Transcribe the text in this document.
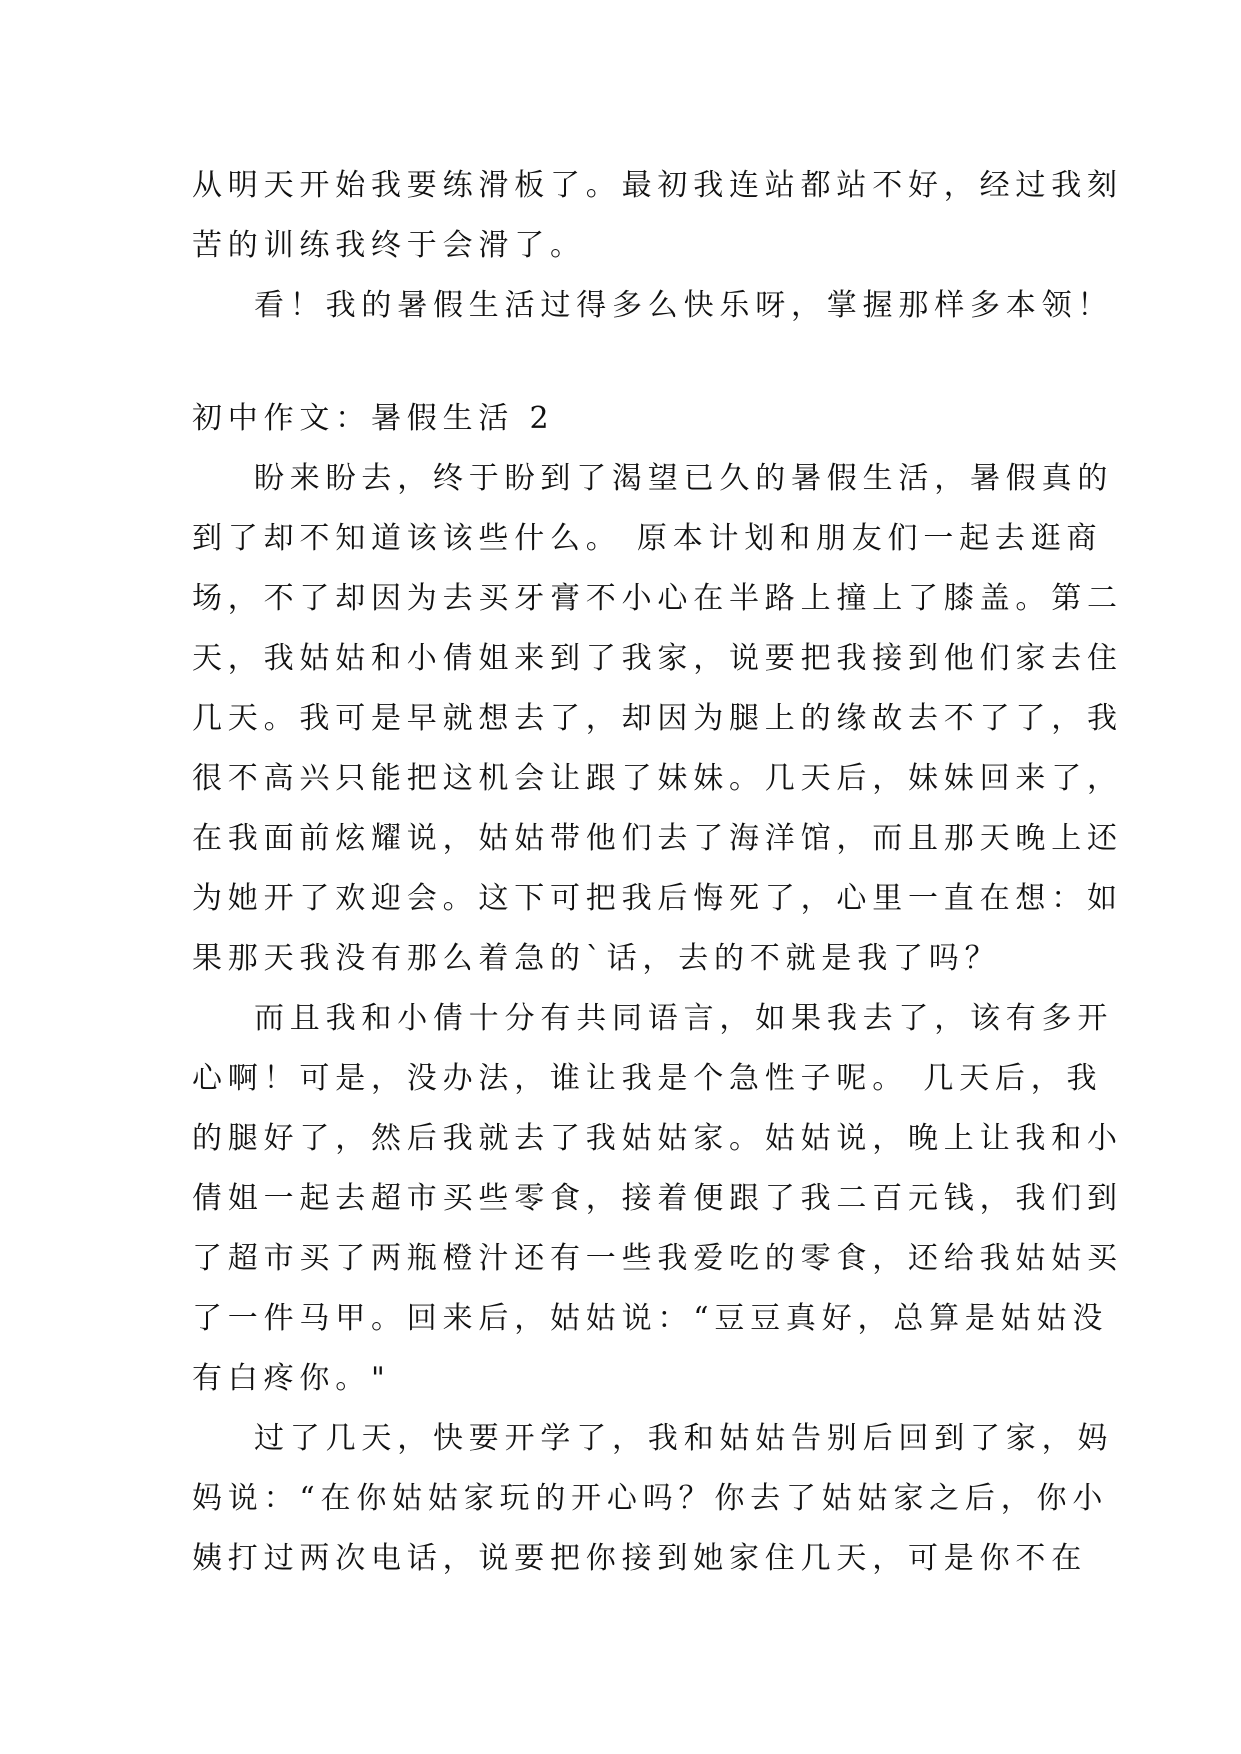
从明天开始我要练滑板了。最初我连站都站不好，经过我刻
苦的训练我终于会滑了。
看！我的暑假生活过得多么快乐呀，掌握那样多本领！
初中作文：暑假生活 2
盼来盼去，终于盼到了渴望已久的暑假生活，暑假真的
到了却不知道该该些什么。 原本计划和朋友们一起去逛商
场，不了却因为去买牙膏不小心在半路上撞上了膝盖。第二
天，我姑姑和小倩姐来到了我家，说要把我接到他们家去住
几天。我可是早就想去了，却因为腿上的缘故去不了了，我
很不高兴只能把这机会让跟了妹妹。几天后，妹妹回来了，
在我面前炫耀说，姑姑带他们去了海洋馆，而且那天晚上还
为她开了欢迎会。这下可把我后悔死了，心里一直在想：如
果那天我没有那么着急的`话，去的不就是我了吗？
而且我和小倩十分有共同语言，如果我去了，该有多开
心啊！可是，没办法，谁让我是个急性子呢。 几天后，我
的腿好了，然后我就去了我姑姑家。姑姑说，晚上让我和小
倩姐一起去超市买些零食，接着便跟了我二百元钱，我们到
了超市买了两瓶橙汁还有一些我爱吃的零食，还给我姑姑买
了一件马甲。回来后，姑姑说：“豆豆真好，总算是姑姑没
有白疼你。"
过了几天，快要开学了，我和姑姑告别后回到了家，妈
妈说：“在你姑姑家玩的开心吗？你去了姑姑家之后，你小
姨打过两次电话，说要把你接到她家住几天，可是你不在
